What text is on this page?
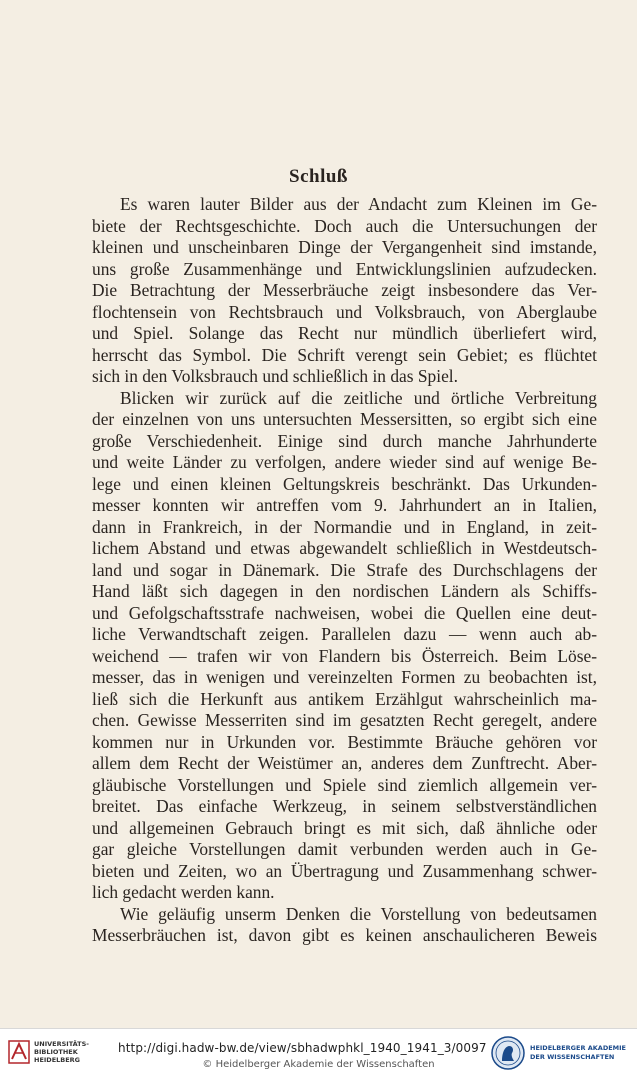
Schluß
Es waren lauter Bilder aus der Andacht zum Kleinen im Ge-
biete der Rechtsgeschichte. Doch auch die Untersuchungen der
kleinen und unscheinbaren Dinge der Vergangenheit sind imstande,
uns große Zusammenhänge und Entwicklungslinien aufzudecken.
Die Betrachtung der Messerbräuche zeigt insbesondere das Ver-
flochtensein von Rechtsbrauch und Volksbrauch, von Aberglaube
und Spiel. Solange das Recht nur mündlich überliefert wird,
herrscht das Symbol. Die Schrift verengt sein Gebiet; es flüchtet
sich in den Volksbrauch und schließlich in das Spiel.
Blicken wir zurück auf die zeitliche und örtliche Verbreitung
der einzelnen von uns untersuchten Messersitten, so ergibt sich eine
große Verschiedenheit. Einige sind durch manche Jahrhunderte
und weite Länder zu verfolgen, andere wieder sind auf wenige Be-
lege und einen kleinen Geltungskreis beschränkt. Das Urkunden-
messer konnten wir antreffen vom 9. Jahrhundert an in Italien,
dann in Frankreich, in der Normandie und in England, in zeit-
lichem Abstand und etwas abgewandelt schließlich in Westdeutsch-
land und sogar in Dänemark. Die Strafe des Durchschlagens der
Hand läßt sich dagegen in den nordischen Ländern als Schiffs-
und Gefolgschaftsstrafe nachweisen, wobei die Quellen eine deut-
liche Verwandtschaft zeigen. Parallelen dazu — wenn auch ab-
weichend — trafen wir von Flandern bis Österreich. Beim Löse-
messer, das in wenigen und vereinzelten Formen zu beobachten ist,
ließ sich die Herkunft aus antikem Erzählgut wahrscheinlich ma-
chen. Gewisse Messerriten sind im gesatzten Recht geregelt, andere
kommen nur in Urkunden vor. Bestimmte Bräuche gehören vor
allem dem Recht der Weistümer an, anderes dem Zunftrecht. Aber-
gläubische Vorstellungen und Spiele sind ziemlich allgemein ver-
breitet. Das einfache Werkzeug, in seinem selbstverständlichen
und allgemeinen Gebrauch bringt es mit sich, daß ähnliche oder
gar gleiche Vorstellungen damit verbunden werden auch in Ge-
bieten und Zeiten, wo an Übertragung und Zusammenhang schwer-
lich gedacht werden kann.
Wie geläufig unserm Denken die Vorstellung von bedeutsamen
Messerbräuchen ist, davon gibt es keinen anschaulicheren Beweis
UNIVERSITÄTS-
BIBLIOTHEK
HEIDELBERG
http://digi.hadw-bw.de/view/sbhadwphkl_1940_1941_3/0097
© Heidelberger Akademie der Wissenschaften
HEIDELBERGER AKADEMIE
DER WISSENSCHAFTEN
